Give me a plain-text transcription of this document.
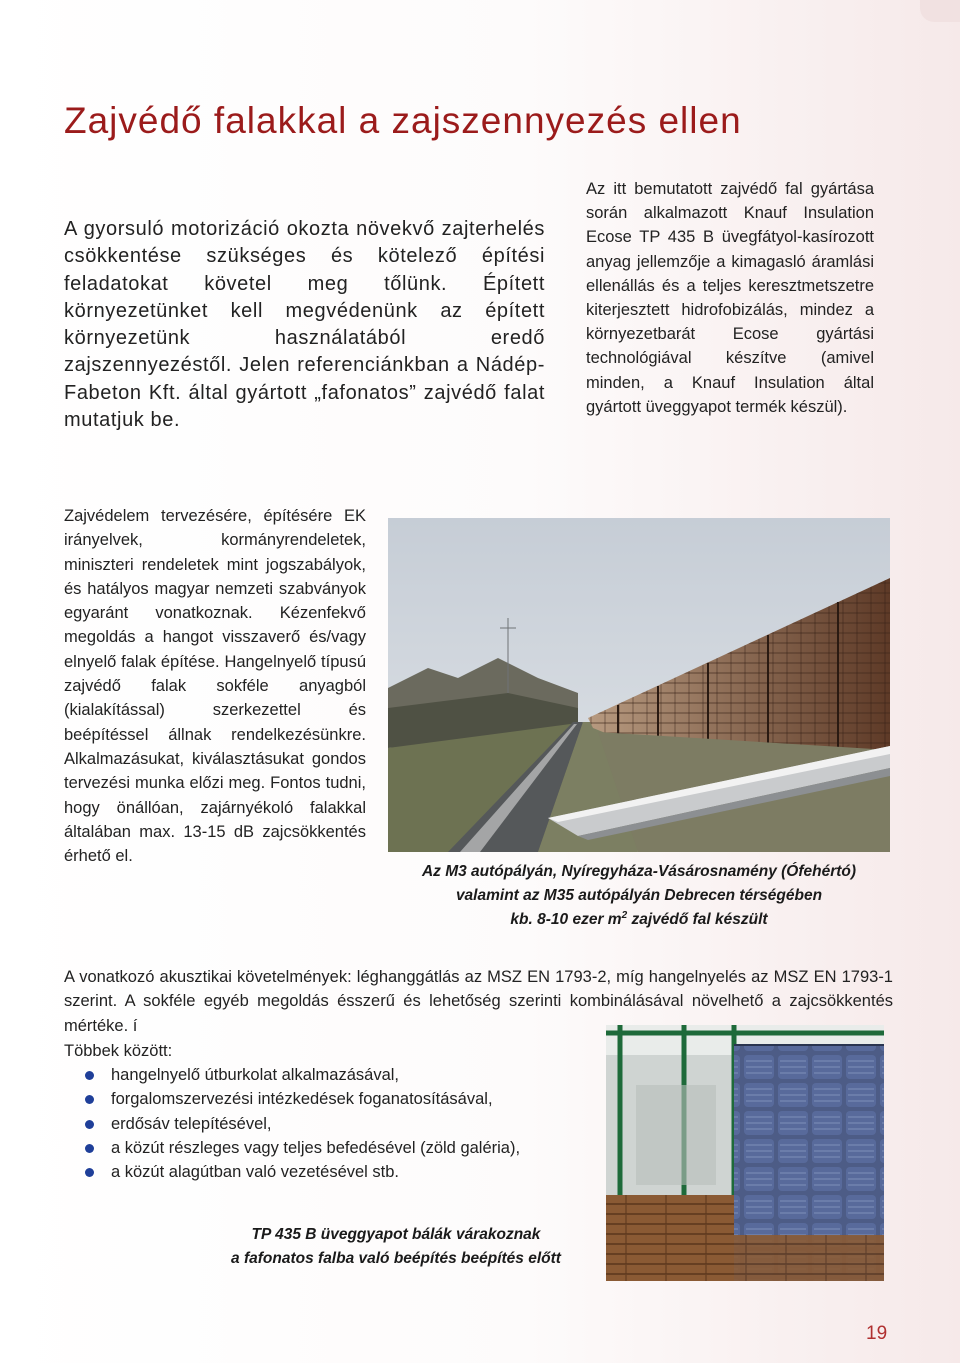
Zajvédő falakkal a zajszennyezés ellen

A gyorsuló motorizáció okozta növekvő zajterhelés csökkentése szükséges és kötelező építési feladatokat követel meg tőlünk. Épített környezetünket kell megvédenünk az épített környezetünk használatából eredő zajszennyezéstől. Jelen referenciánkban a Nádép-Fabeton Kft. által gyártott „fafonatos” zajvédő falat mutatjuk be.

Az itt bemutatott zajvédő fal gyártása során alkalmazott Knauf Insulation Ecose TP 435 B üvegfátyol-kasírozott anyag jellemzője a kimagasló áramlási ellenállás és a teljes keresztmetszetre kiterjesztett hidrofobizálás, mindez a környezetbarát Ecose gyártási technológiával készítve (amivel minden, a Knauf Insulation által gyártott üveggyapot termék készül).

Zajvédelem tervezésére, építésére EK irányelvek, kormányrendeletek, miniszteri rendeletek mint jogszabályok, és hatályos magyar nemzeti szabványok egyaránt vonatkoznak. Kézenfekvő megoldás a hangot visszaverő és/vagy elnyelő falak építése. Hangelnyelő típusú zajvédő falak sokféle anyagból (kialakítással) szerkezettel és beépítéssel állnak rendelkezésünkre. Alkalmazásukat, kiválasztásukat gondos tervezési munka előzi meg. Fontos tudni, hogy önállóan, zajárnyékoló falakkal általában max. 13-15 dB zajcsökkentés érhető el.

Az M3 autópályán, Nyíregyháza-Vásárosnamény (Ófehértó)
valamint az M35 autópályán Debrecen térségében
kb. 8-10 ezer $m^2$ zajvédő fal készült

A vonatkozó akusztikai követelmények: léghanggátlás az MSZ EN 1793-2, míg hangelnyelés az MSZ EN 1793-1 szerint. A sokféle egyéb megoldás ésszerű és lehetőség szerinti kombinálásával növelhető a zajcsökkentés mértéke. í

Többek között:

hangelnyelő útburkolat alkalmazásával,
forgalomszervezési intézkedések foganatosításával,
erdősáv telepítésével,
a közút részleges vagy teljes befedésével (zöld galéria),
a közút alagútban való vezetésével stb.

TP 435 B üveggyapot bálák várakoznak
a fafonatos falba való beépítés beépítés előtt

19
